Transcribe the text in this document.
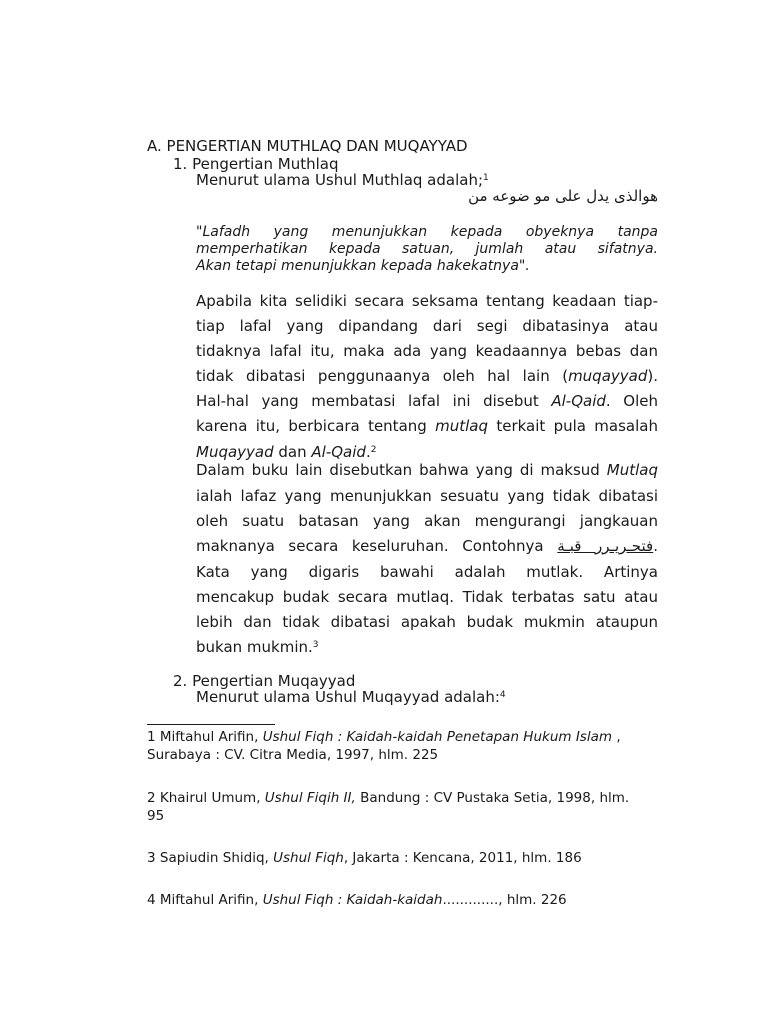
A. PENGERTIAN MUTHLAQ DAN MUQAYYAD
1. Pengertian Muthlaq
Menurut ulama Ushul Muthlaq adalah;$^1$
هوالذى يدل على مو ضوعه من
"Lafadh yang menunjukkan kepada obyeknya tanpa
memperhatikan kepada satuan, jumlah atau sifatnya.
Akan tetapi menunjukkan kepada hakekatnya".
Apabila kita selidiki secara seksama tentang keadaan tiap-
tiap lafal yang dipandang dari segi dibatasinya atau
tidaknya lafal itu, maka ada yang keadaannya bebas dan
tidak dibatasi penggunaanya oleh hal lain (muqayyad).
Hal-hal yang membatasi lafal ini disebut Al-Qaid. Oleh
karena itu, berbicara tentang mutlaq terkait pula masalah
Muqayyad dan Al-Qaid.$^2$
Dalam buku lain disebutkan bahwa yang di maksud Mutlaq
ialah lafaz yang menunjukkan sesuatu yang tidak dibatasi
oleh suatu batasan yang akan mengurangi jangkauan
maknanya secara keseluruhan. Contohnya فتحـريـرر قبـة.
Kata yang digaris bawahi adalah mutlak. Artinya
mencakup budak secara mutlaq. Tidak terbatas satu atau
lebih dan tidak dibatasi apakah budak mukmin ataupun
bukan mukmin.$^3$
2. Pengertian Muqayyad
Menurut ulama Ushul Muqayyad adalah:$^4$
1 Miftahul Arifin, Ushul Fiqh : Kaidah-kaidah Penetapan Hukum Islam ,
Surabaya : CV. Citra Media, 1997, hlm. 225
2 Khairul Umum, Ushul Fiqih II, Bandung : CV Pustaka Setia, 1998, hlm.
95
3 Sapiudin Shidiq, Ushul Fiqh, Jakarta : Kencana, 2011, hlm. 186
4 Miftahul Arifin, Ushul Fiqh : Kaidah-kaidah............., hlm. 226
